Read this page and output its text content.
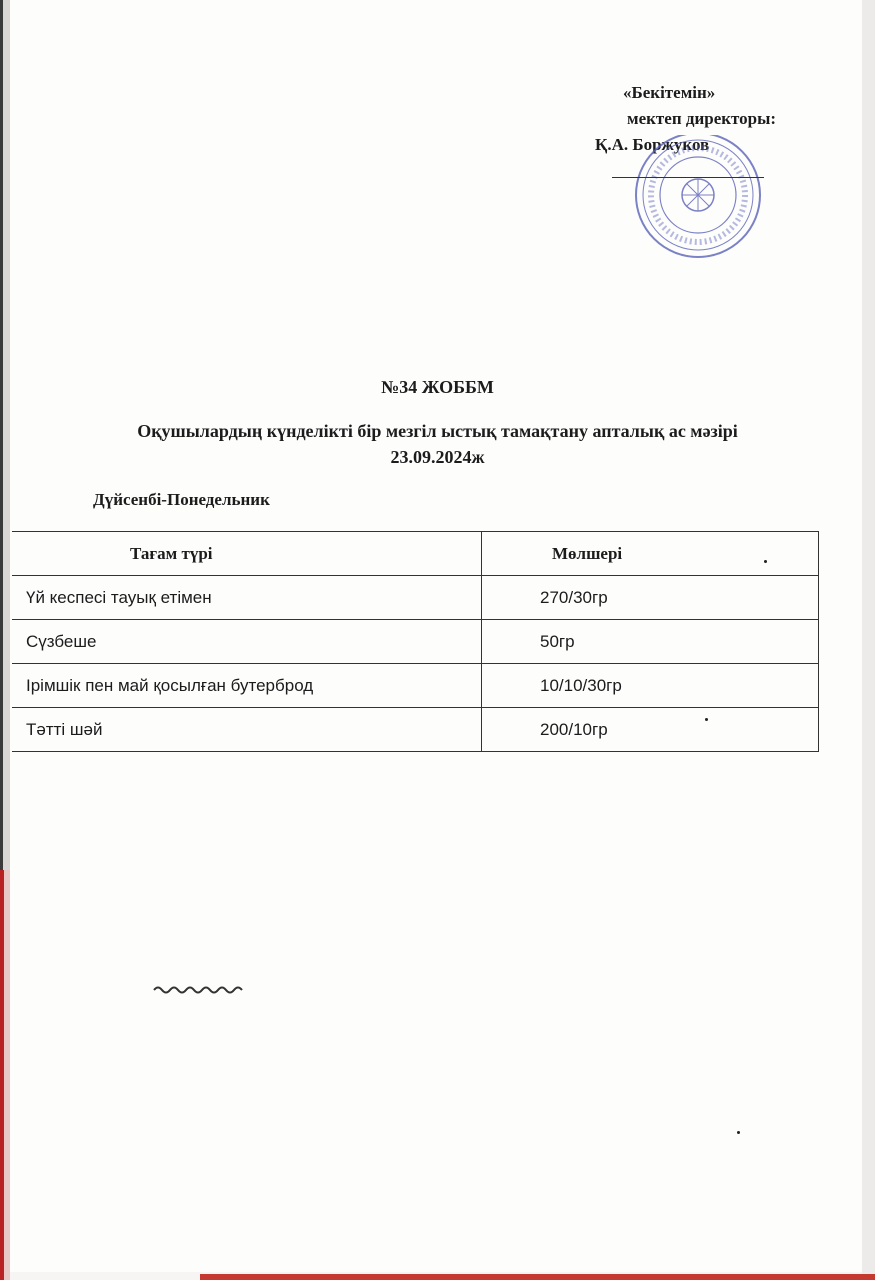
«Бекітемін»
мектеп директоры:
Қ.А. Боржуков
№34 ЖОББМ
Оқушылардың күнделікті бір мезгіл ыстық тамақтану апталық ас мәзірі
23.09.2024ж
Дүйсенбі-Понедельник
Тағам түрі	Мөлшері
Үй кеспесі тауық етімен	270/30гр
Сүзбеше	50гр
Ірімшік пен май қосылған бутерброд	10/10/30гр
Тәтті шәй	200/10гр
